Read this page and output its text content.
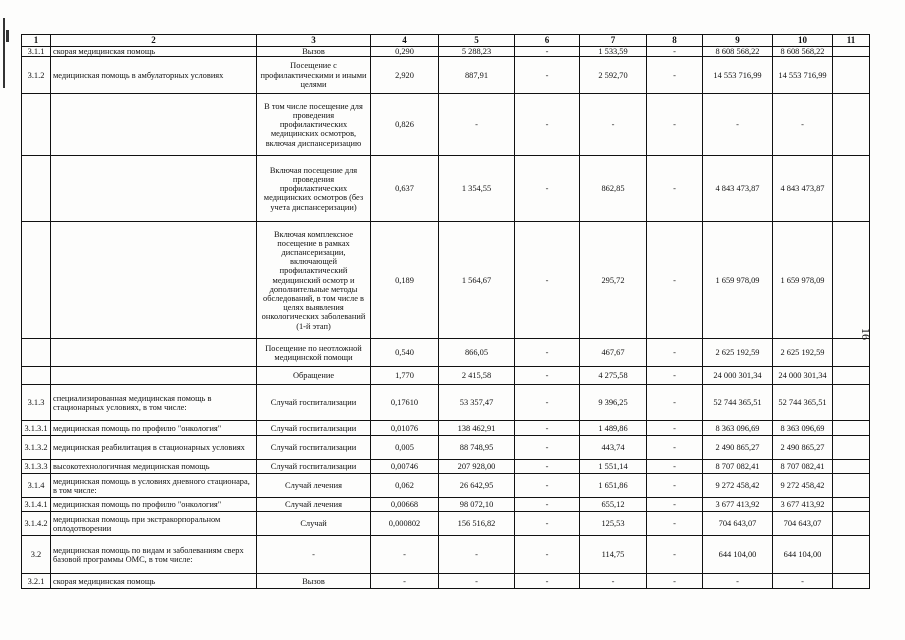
1	2	3	4	5	6	7	8	9	10	11
3.1.1	скорая медицинская помощь	Вызов	0,290	5 288,23	-	1 533,59	-	8 608 568,22	8 608 568,22	
3.1.2	медицинская помощь в амбулаторных условиях	Посещение с профилактическими и иными целями	2,920	887,91	-	2 592,70	-	14 553 716,99	14 553 716,99	
		В том числе посещение для проведения профилактических медицинских осмотров, включая диспансеризацию	0,826	-	-	-	-	-	-	
		Включая посещение для проведения профилактических медицинских осмотров (без учета диспансеризации)	0,637	1 354,55	-	862,85	-	4 843 473,87	4 843 473,87	
		Включая комплексное посещение в рамках диспансеризации, включающей профилактический медицинский осмотр и дополнительные методы обследований, в том числе в целях выявления онкологических заболеваний (1-й этап)	0,189	1 564,67	-	295,72	-	1 659 978,09	1 659 978,09	
		Посещение по неотложной медицинской помощи	0,540	866,05	-	467,67	-	2 625 192,59	2 625 192,59	
		Обращение	1,770	2 415,58	-	4 275,58	-	24 000 301,34	24 000 301,34	
3.1.3	специализированная медицинская помощь в стационарных условиях, в том числе:	Случай госпитализации	0,17610	53 357,47	-	9 396,25	-	52 744 365,51	52 744 365,51	
3.1.3.1	медицинская помощь по профилю "онкология"	Случай госпитализации	0,01076	138 462,91	-	1 489,86	-	8 363 096,69	8 363 096,69	
3.1.3.2	медицинская реабилитация в стационарных условиях	Случай госпитализации	0,005	88 748,95	-	443,74	-	2 490 865,27	2 490 865,27	
3.1.3.3	высокотехнологичная медицинская помощь	Случай госпитализации	0,00746	207 928,00	-	1 551,14	-	8 707 082,41	8 707 082,41	
3.1.4	медицинская помощь в условиях дневного стационара, в том числе:	Случай лечения	0,062	26 642,95	-	1 651,86	-	9 272 458,42	9 272 458,42	
3.1.4.1	медицинская помощь по профилю "онкология"	Случай лечения	0,00668	98 072,10	-	655,12	-	3 677 413,92	3 677 413,92	
3.1.4.2	медицинская помощь при экстракорпоральном оплодотворении	Случай	0,000802	156 516,82	-	125,53	-	704 643,07	704 643,07	
3.2	медицинская помощь по видам и заболеваниям сверх базовой программы ОМС, в том числе:	-	-	-	-	114,75	-	644 104,00	644 104,00	
3.2.1	скорая медицинская помощь	Вызов	-	-	-	-	-	-	-	
16
